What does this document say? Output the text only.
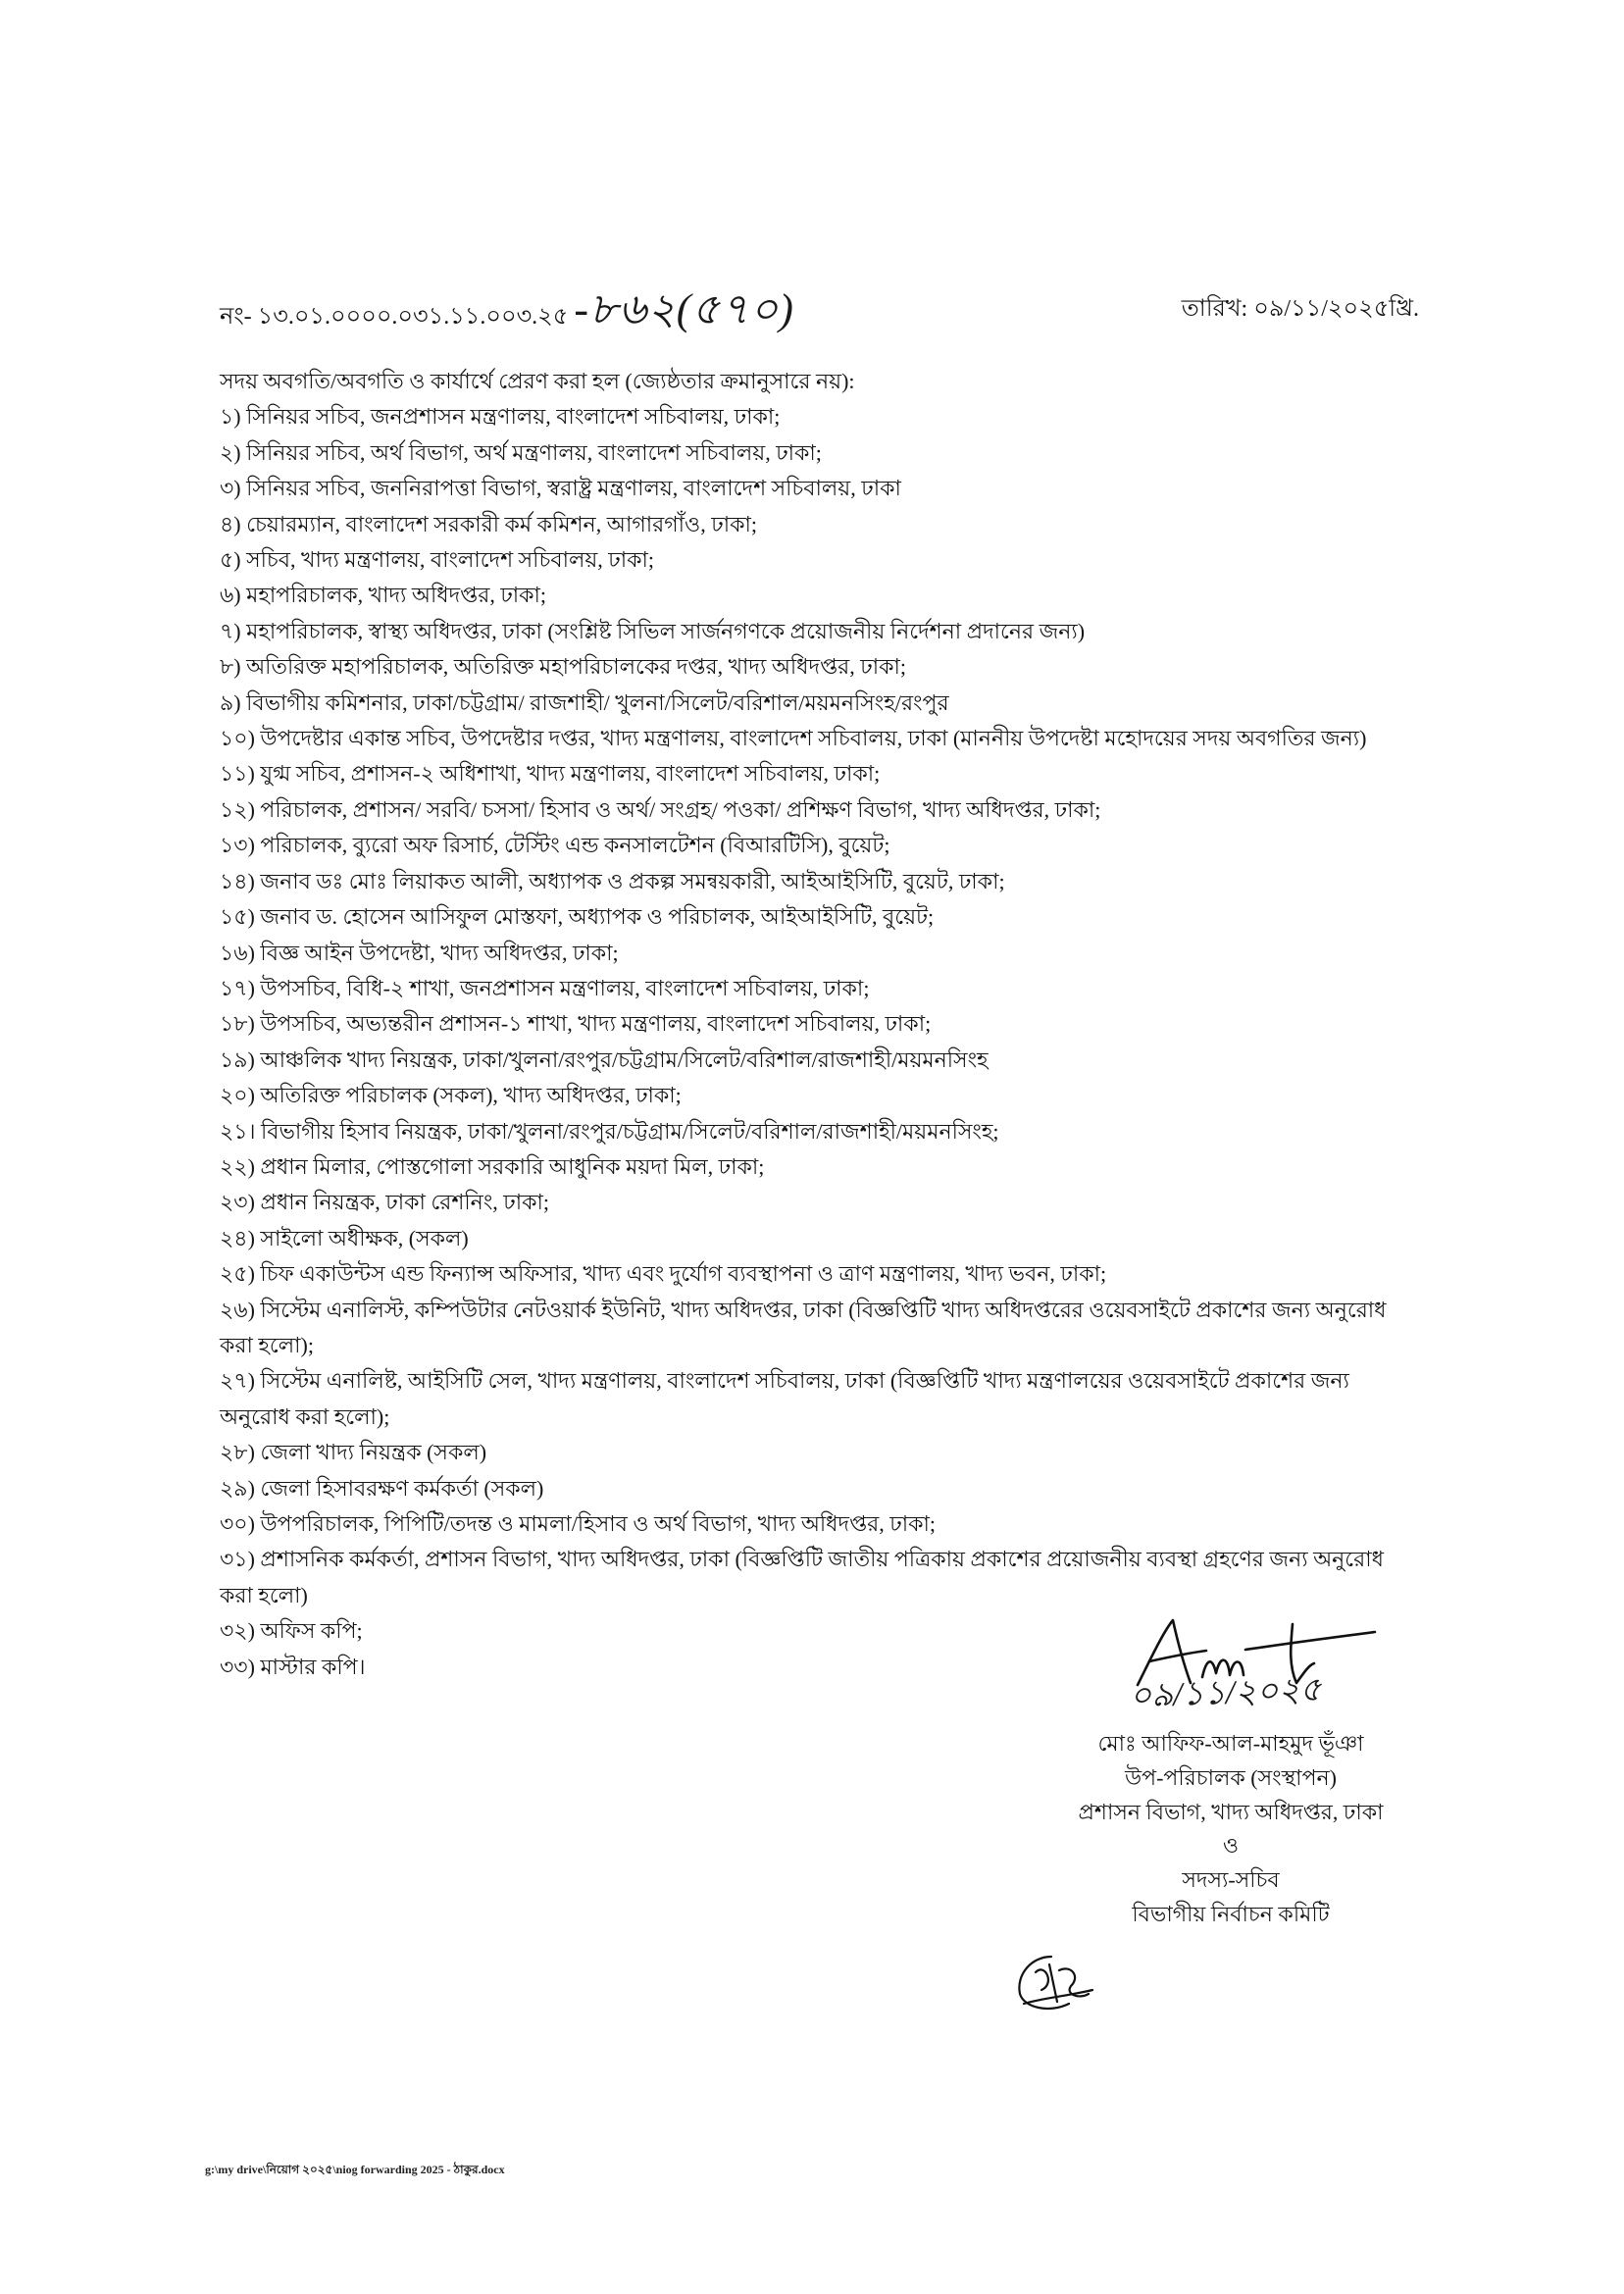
নং- ১৩.০১.০০০০.০৩১.১১.০০৩.২৫ -৮৬২(৫৭০)	তারিখ: ০৯/১১/২০২৫খ্রি.
সদয় অবগতি/অবগতি ও কার্যার্থে প্রেরণ করা হল (জ্যেষ্ঠতার ক্রমানুসারে নয়):
১) সিনিয়র সচিব, জনপ্রশাসন মন্ত্রণালয়, বাংলাদেশ সচিবালয়, ঢাকা;
২) সিনিয়র সচিব, অর্থ বিভাগ, অর্থ মন্ত্রণালয়, বাংলাদেশ সচিবালয়, ঢাকা;
৩) সিনিয়র সচিব, জননিরাপত্তা বিভাগ, স্বরাষ্ট্র মন্ত্রণালয়, বাংলাদেশ সচিবালয়, ঢাকা
৪) চেয়ারম্যান, বাংলাদেশ সরকারী কর্ম কমিশন, আগারগাঁও, ঢাকা;
৫) সচিব, খাদ্য মন্ত্রণালয়, বাংলাদেশ সচিবালয়, ঢাকা;
৬) মহাপরিচালক, খাদ্য অধিদপ্তর, ঢাকা;
৭) মহাপরিচালক, স্বাস্থ্য অধিদপ্তর, ঢাকা (সংশ্লিষ্ট সিভিল সার্জনগণকে প্রয়োজনীয় নির্দেশনা প্রদানের জন্য)
৮) অতিরিক্ত মহাপরিচালক, অতিরিক্ত মহাপরিচালকের দপ্তর, খাদ্য অধিদপ্তর, ঢাকা;
৯) বিভাগীয় কমিশনার, ঢাকা/চট্টগ্রাম/ রাজশাহী/ খুলনা/সিলেট/বরিশাল/ময়মনসিংহ/রংপুর
১০) উপদেষ্টার একান্ত সচিব, উপদেষ্টার দপ্তর, খাদ্য মন্ত্রণালয়, বাংলাদেশ সচিবালয়, ঢাকা (মাননীয় উপদেষ্টা মহোদয়ের সদয় অবগতির জন্য)
১১) যুগ্ম সচিব, প্রশাসন-২ অধিশাখা, খাদ্য মন্ত্রণালয়, বাংলাদেশ সচিবালয়, ঢাকা;
১২) পরিচালক, প্রশাসন/ সরবি/ চসসা/ হিসাব ও অর্থ/ সংগ্রহ/ পওকা/ প্রশিক্ষণ বিভাগ, খাদ্য অধিদপ্তর, ঢাকা;
১৩) পরিচালক, ব্যুরো অফ রিসার্চ, টেস্টিং এন্ড কনসালটেশন (বিআরটিসি), বুয়েট;
১৪) জনাব ডঃ মোঃ লিয়াকত আলী, অধ্যাপক ও প্রকল্প সমন্বয়কারী, আইআইসিটি, বুয়েট, ঢাকা;
১৫) জনাব ড. হোসেন আসিফুল মোস্তফা, অধ্যাপক ও পরিচালক, আইআইসিটি, বুয়েট;
১৬) বিজ্ঞ আইন উপদেষ্টা, খাদ্য অধিদপ্তর, ঢাকা;
১৭) উপসচিব, বিধি-২ শাখা, জনপ্রশাসন মন্ত্রণালয়, বাংলাদেশ সচিবালয়, ঢাকা;
১৮) উপসচিব, অভ্যন্তরীন প্রশাসন-১ শাখা, খাদ্য মন্ত্রণালয়, বাংলাদেশ সচিবালয়, ঢাকা;
১৯) আঞ্চলিক খাদ্য নিয়ন্ত্রক, ঢাকা/খুলনা/রংপুর/চট্টগ্রাম/সিলেট/বরিশাল/রাজশাহী/ময়মনসিংহ
২০) অতিরিক্ত পরিচালক (সকল), খাদ্য অধিদপ্তর, ঢাকা;
২১। বিভাগীয় হিসাব নিয়ন্ত্রক, ঢাকা/খুলনা/রংপুর/চট্টগ্রাম/সিলেট/বরিশাল/রাজশাহী/ময়মনসিংহ;
২২) প্রধান মিলার, পোস্তগোলা সরকারি আধুনিক ময়দা মিল, ঢাকা;
২৩) প্রধান নিয়ন্ত্রক, ঢাকা রেশনিং, ঢাকা;
২৪) সাইলো অধীক্ষক, (সকল)
২৫) চিফ একাউন্টস এন্ড ফিন্যান্স অফিসার, খাদ্য এবং দুর্যোগ ব্যবস্থাপনা ও ত্রাণ মন্ত্রণালয়, খাদ্য ভবন, ঢাকা;
২৬) সিস্টেম এনালিস্ট, কম্পিউটার নেটওয়ার্ক ইউনিট, খাদ্য অধিদপ্তর, ঢাকা (বিজ্ঞপ্তিটি খাদ্য অধিদপ্তরের ওয়েবসাইটে প্রকাশের জন্য অনুরোধ করা হলো);
২৭) সিস্টেম এনালিষ্ট, আইসিটি সেল, খাদ্য মন্ত্রণালয়, বাংলাদেশ সচিবালয়, ঢাকা (বিজ্ঞপ্তিটি খাদ্য মন্ত্রণালয়ের ওয়েবসাইটে প্রকাশের জন্য অনুরোধ করা হলো);
২৮) জেলা খাদ্য নিয়ন্ত্রক (সকল)
২৯) জেলা হিসাবরক্ষণ কর্মকর্তা (সকল)
৩০) উপপরিচালক, পিপিটি/তদন্ত ও মামলা/হিসাব ও অর্থ বিভাগ, খাদ্য অধিদপ্তর, ঢাকা;
৩১) প্রশাসনিক কর্মকর্তা, প্রশাসন বিভাগ, খাদ্য অধিদপ্তর, ঢাকা (বিজ্ঞপ্তিটি জাতীয় পত্রিকায় প্রকাশের প্রয়োজনীয় ব্যবস্থা গ্রহণের জন্য অনুরোধ করা হলো)
৩২) অফিস কপি;
৩৩) মাস্টার কপি।
০৯/১১/২০২৫
মোঃ আফিফ-আল-মাহমুদ ভূঁঞা
উপ-পরিচালক (সংস্থাপন)
প্রশাসন বিভাগ, খাদ্য অধিদপ্তর, ঢাকা
ও
সদস্য-সচিব
বিভাগীয় নির্বাচন কমিটি
g:\my drive\নিয়োগ ২০২৫\niog forwarding 2025 - ঠাকুর.docx
